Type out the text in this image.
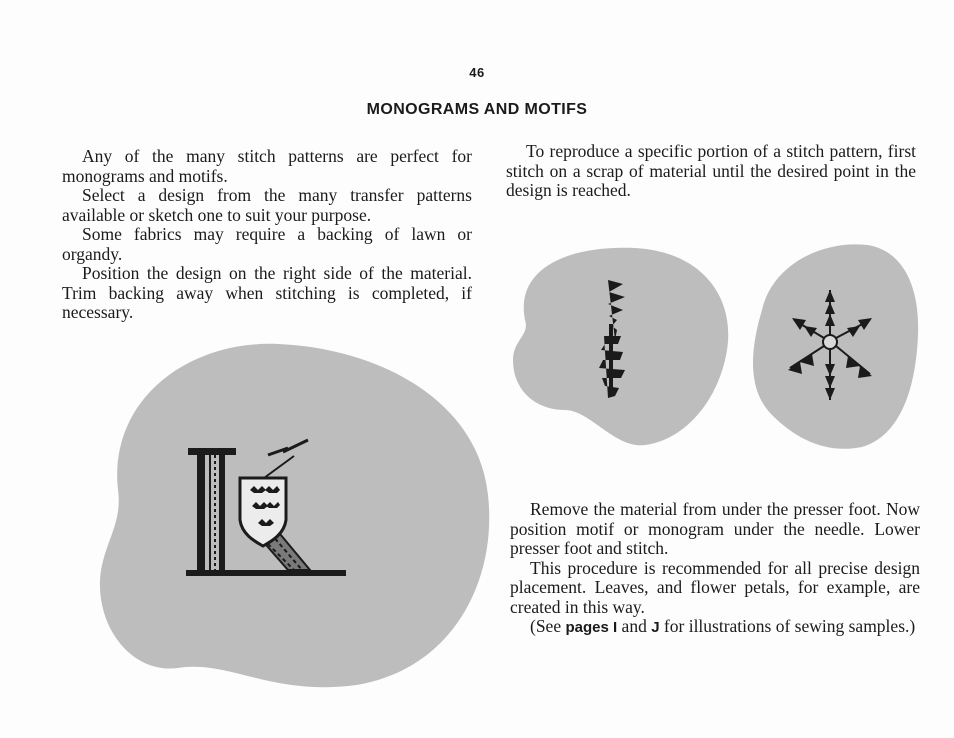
46
MONOGRAMS AND MOTIFS

Any of the many stitch patterns are perfect for monograms and motifs.

Select a design from the many transfer patterns available or sketch one to suit your purpose.

Some fabrics may require a backing of lawn or organdy.

Position the design on the right side of the material. Trim backing away when stitching is completed, if necessary.

To reproduce a specific portion of a stitch pattern, first stitch on a scrap of material until the desired point in the design is reached.

Remove the material from under the presser foot. Now position motif or monogram under the needle. Lower presser foot and stitch.

This procedure is recommended for all precise design placement. Leaves, and flower petals, for example, are created in this way.

(See pages I and J for illustrations of sewing samples.)
